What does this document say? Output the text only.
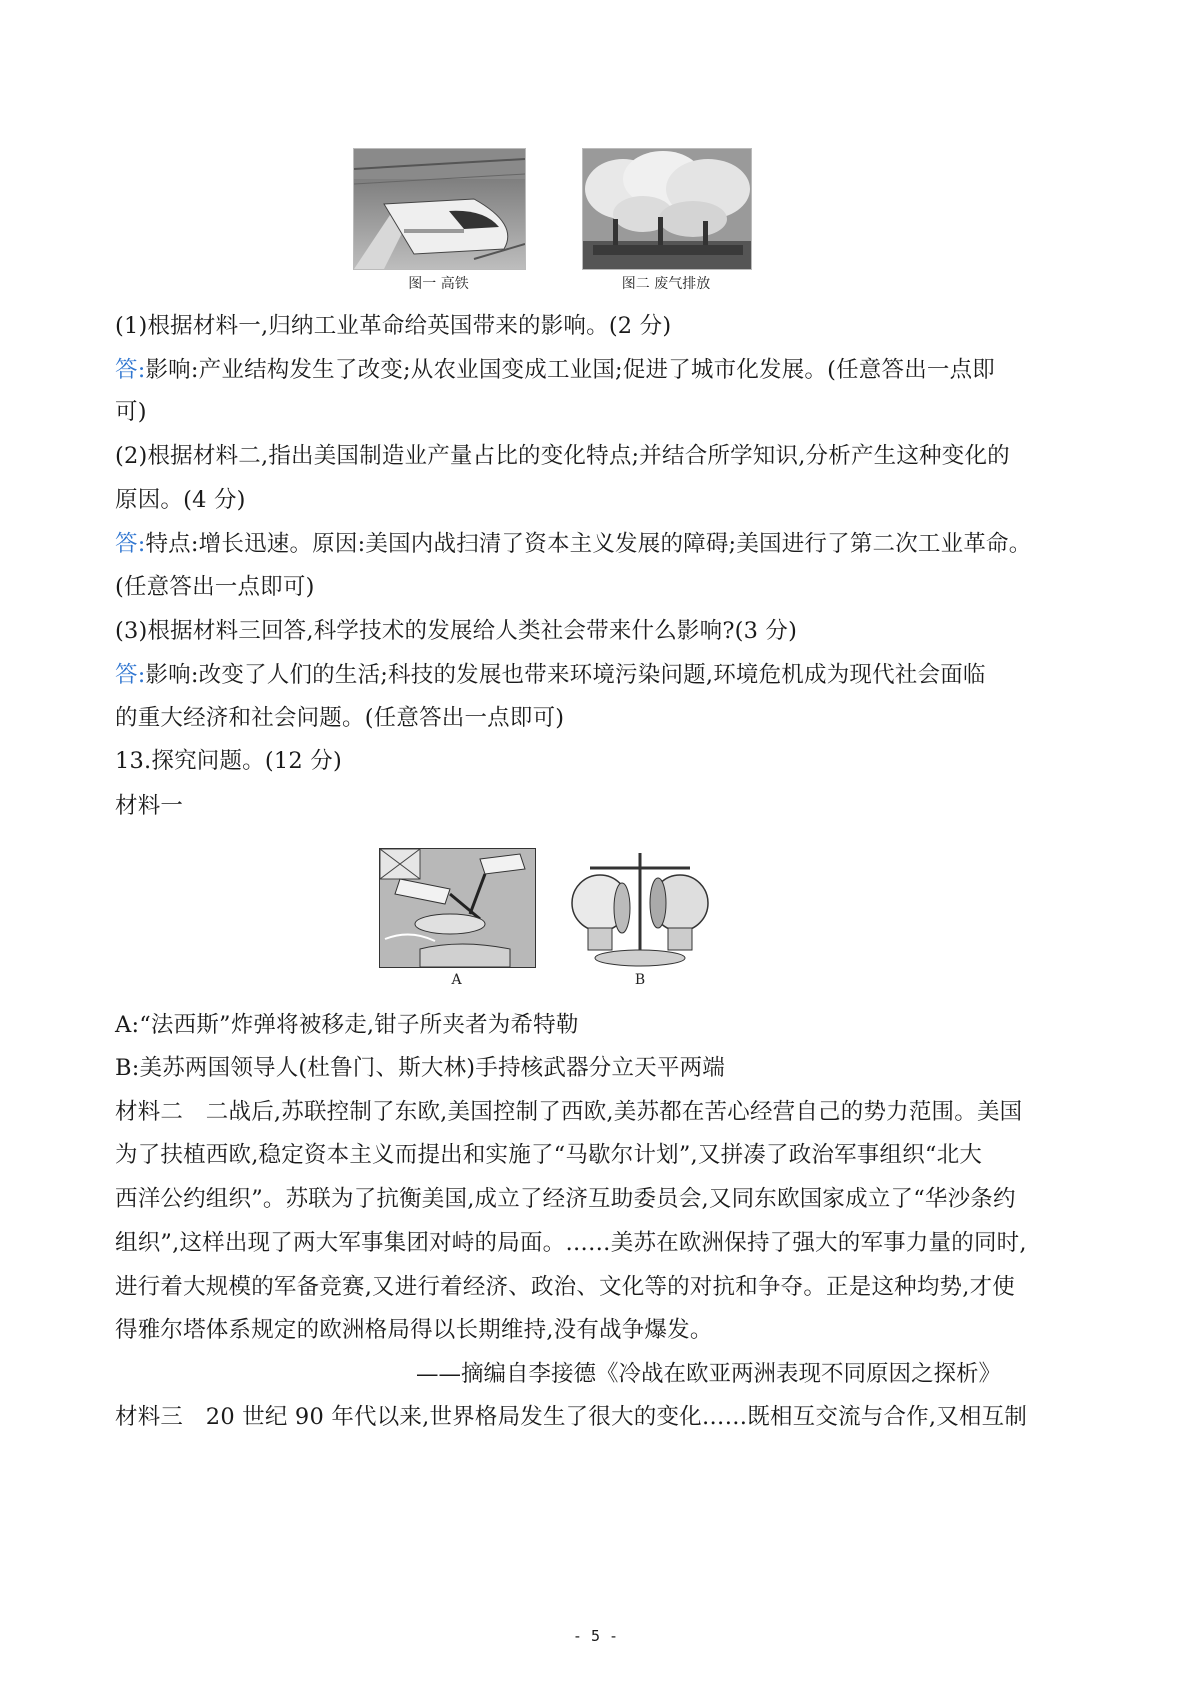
图一 高铁	图二 废气排放
(1)根据材料一,归纳工业革命给英国带来的影响。(2 分)
答:影响:产业结构发生了改变;从农业国变成工业国;促进了城市化发展。(任意答出一点即
可)
(2)根据材料二,指出美国制造业产量占比的变化特点;并结合所学知识,分析产生这种变化的
原因。(4 分)
答:特点:增长迅速。原因:美国内战扫清了资本主义发展的障碍;美国进行了第二次工业革命。
(任意答出一点即可)
(3)根据材料三回答,科学技术的发展给人类社会带来什么影响?(3 分)
答:影响:改变了人们的生活;科技的发展也带来环境污染问题,环境危机成为现代社会面临
的重大经济和社会问题。(任意答出一点即可)
13.探究问题。(12 分)
材料一
A	B
A:“法西斯”炸弹将被移走,钳子所夹者为希特勒
B:美苏两国领导人(杜鲁门、斯大林)手持核武器分立天平两端
材料二　二战后,苏联控制了东欧,美国控制了西欧,美苏都在苦心经营自己的势力范围。美国
为了扶植西欧,稳定资本主义而提出和实施了“马歇尔计划”,又拼凑了政治军事组织“北大
西洋公约组织”。苏联为了抗衡美国,成立了经济互助委员会,又同东欧国家成立了“华沙条约
组织”,这样出现了两大军事集团对峙的局面。……美苏在欧洲保持了强大的军事力量的同时,
进行着大规模的军备竞赛,又进行着经济、政治、文化等的对抗和争夺。正是这种均势,才使
得雅尔塔体系规定的欧洲格局得以长期维持,没有战争爆发。
——摘编自李接德《冷战在欧亚两洲表现不同原因之探析》
材料三　20 世纪 90 年代以来,世界格局发生了很大的变化……既相互交流与合作,又相互制
- 5 -
